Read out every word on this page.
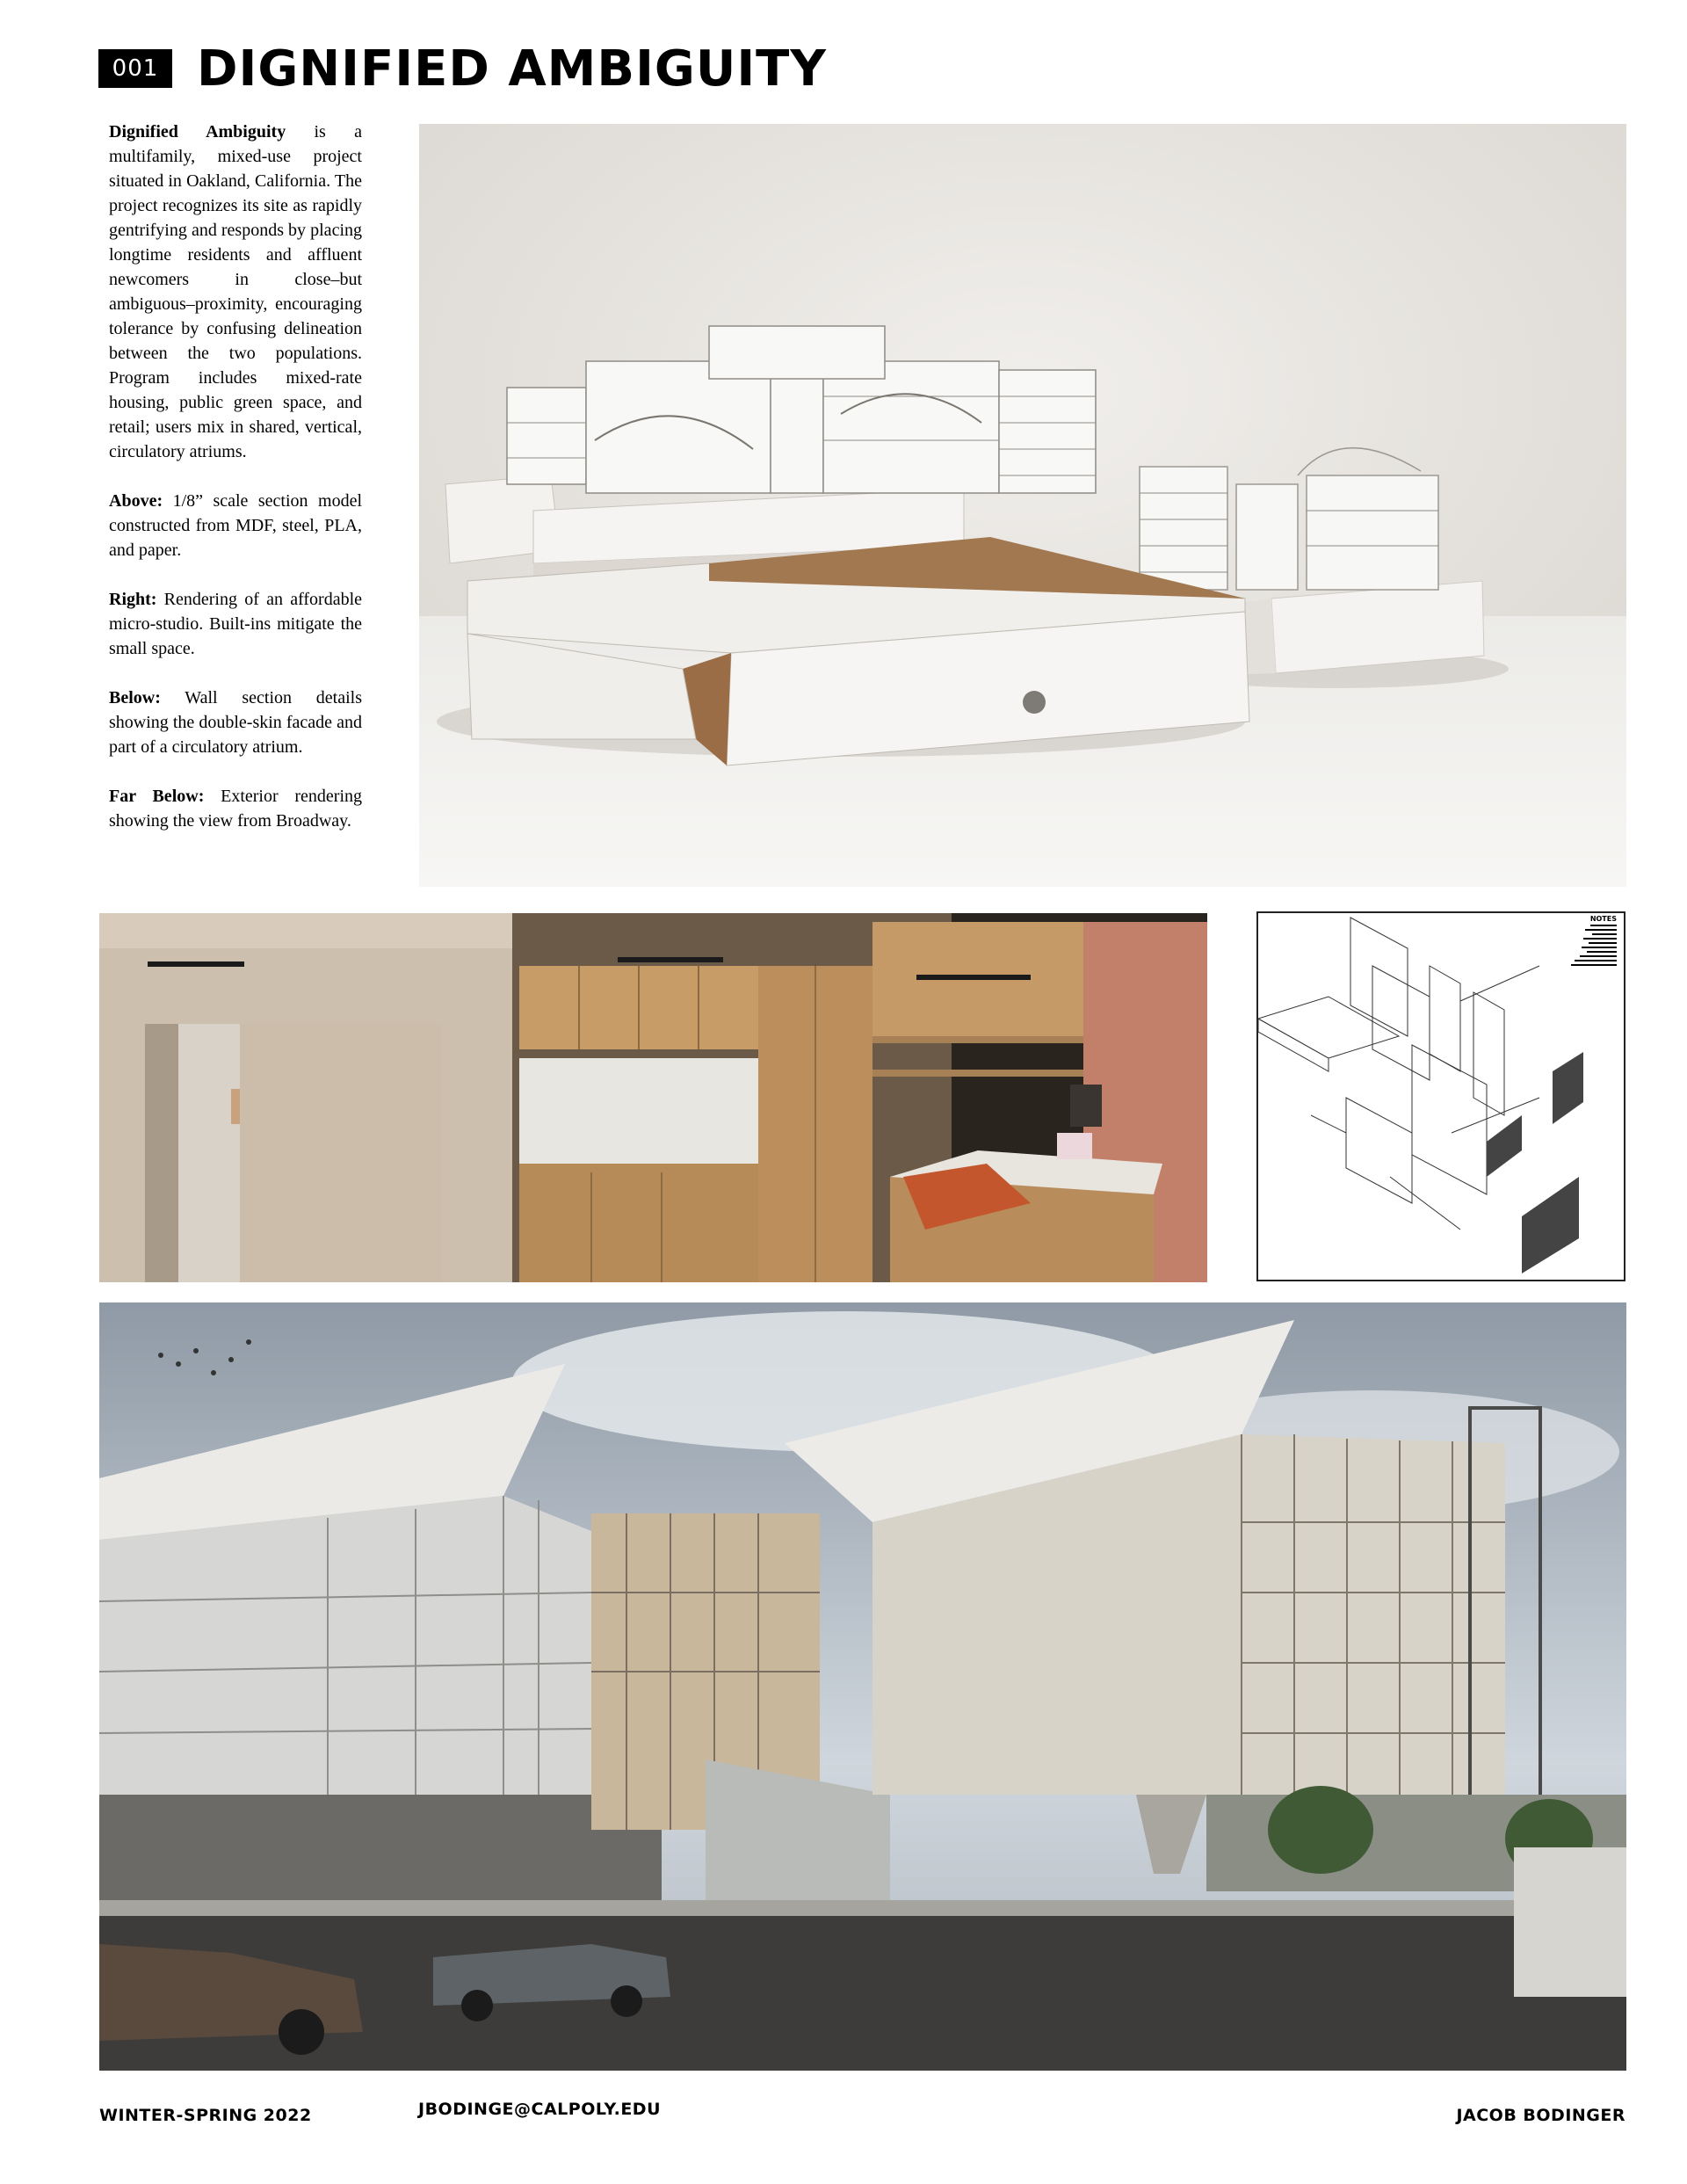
001 DIGNIFIED AMBIGUITY

Dignified Ambiguity is a multifamily, mixed-use project situated in Oakland, California. The project recognizes its site as rapidly gentrifying and responds by placing longtime residents and affluent newcomers in close–but ambiguous–proximity, encouraging tolerance by confusing delineation between the two populations. Program includes mixed-rate housing, public green space, and retail; users mix in shared, vertical, circulatory atriums.

Above: 1/8” scale section model constructed from MDF, steel, PLA, and paper.

Right: Rendering of an affordable micro-studio. Built-ins mitigate the small space.

Below: Wall section details showing the double-skin facade and part of a circulatory atrium.

Far Below: Exterior rendering showing the view from Broadway.

NOTES
WINTER-SPRING 2022	JBODINGE@CALPOLY.EDU	JACOB BODINGER
